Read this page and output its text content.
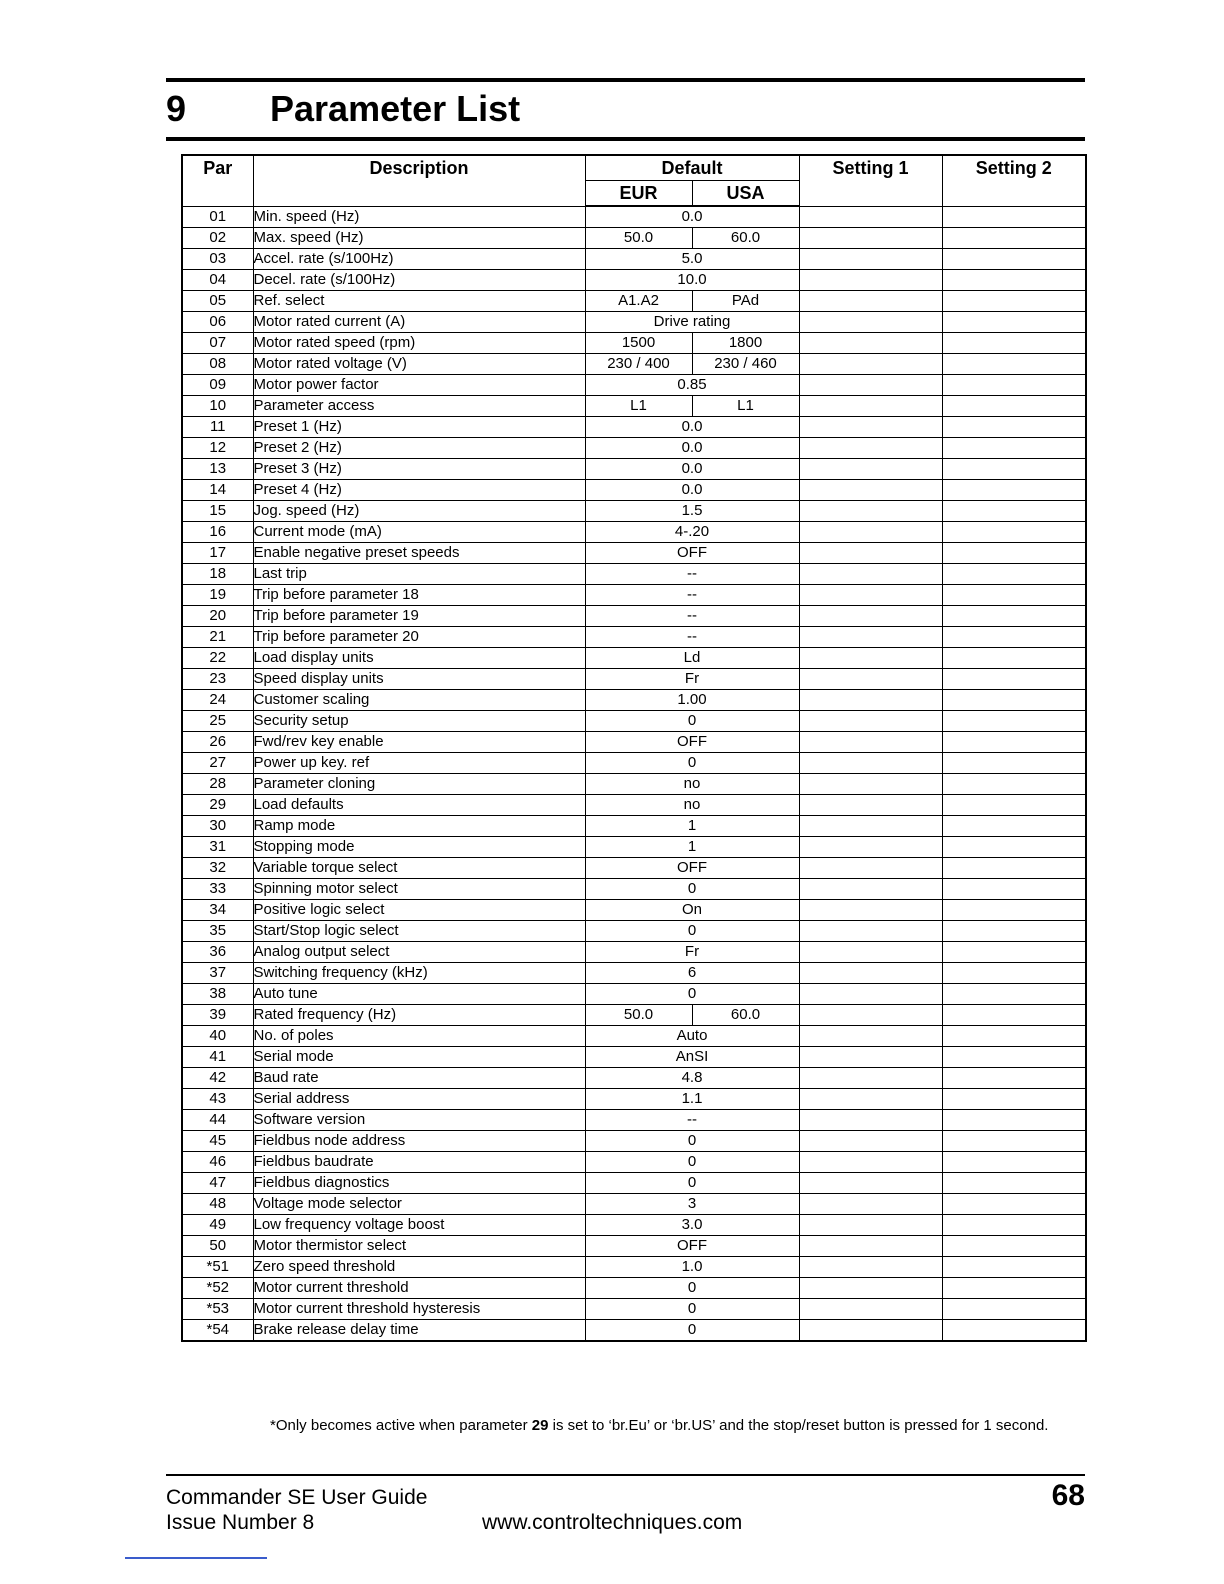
9 Parameter List
Par	Description	Default		Setting 1	Setting 2
		EUR	USA		
01	Min. speed (Hz)	0.0			
02	Max. speed (Hz)	50.0	60.0		
03	Accel. rate (s/100Hz)	5.0			
04	Decel. rate (s/100Hz)	10.0			
05	Ref. select	A1.A2	PAd		
06	Motor rated current (A)	Drive rating			
07	Motor rated speed (rpm)	1500	1800		
08	Motor rated voltage (V)	230 / 400	230 / 460		
09	Motor power factor	0.85			
10	Parameter access	L1	L1		
11	Preset 1 (Hz)	0.0			
12	Preset 2 (Hz)	0.0			
13	Preset 3 (Hz)	0.0			
14	Preset 4 (Hz)	0.0			
15	Jog. speed (Hz)	1.5			
16	Current mode (mA)	4-.20			
17	Enable negative preset speeds	OFF			
18	Last trip	--			
19	Trip before parameter 18	--			
20	Trip before parameter 19	--			
21	Trip before parameter 20	--			
22	Load display units	Ld			
23	Speed display units	Fr			
24	Customer scaling	1.00			
25	Security setup	0			
26	Fwd/rev key enable	OFF			
27	Power up key. ref	0			
28	Parameter cloning	no			
29	Load defaults	no			
30	Ramp mode	1			
31	Stopping mode	1			
32	Variable torque select	OFF			
33	Spinning motor select	0			
34	Positive logic select	On			
35	Start/Stop logic select	0			
36	Analog output select	Fr			
37	Switching frequency (kHz)	6			
38	Auto tune	0			
39	Rated frequency (Hz)	50.0	60.0		
40	No. of poles	Auto			
41	Serial mode	AnSI			
42	Baud rate	4.8			
43	Serial address	1.1			
44	Software version	--			
45	Fieldbus node address	0			
46	Fieldbus baudrate	0			
47	Fieldbus diagnostics	0			
48	Voltage mode selector	3			
49	Low frequency voltage boost	3.0			
50	Motor thermistor select	OFF			
*51	Zero speed threshold	1.0			
*52	Motor current threshold	0			
*53	Motor current threshold hysteresis	0			
*54	Brake release delay time	0			
*Only becomes active when parameter 29 is set to ‘br.Eu’ or ‘br.US’ and the stop/reset button is pressed for 1 second.
Commander SE User Guide
Issue Number 8	www.controltechniques.com
68
